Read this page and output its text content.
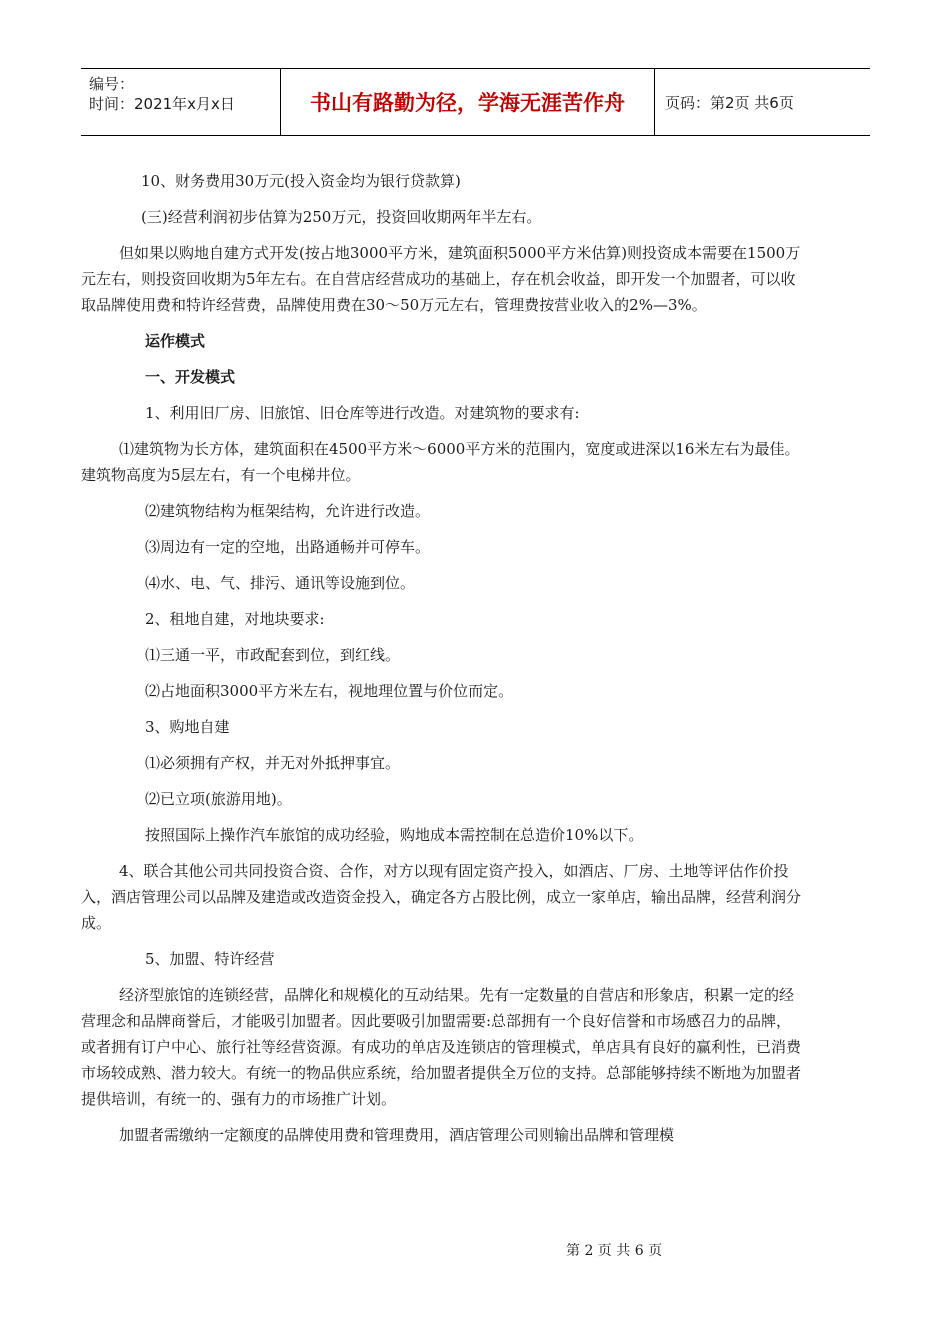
编号：
时间：2021年x月x日	书山有路勤为径，学海无涯苦作舟	页码：第2页 共6页

10、财务费用30万元(投入资金均为银行贷款算)

(三)经营利润初步估算为250万元，投资回收期两年半左右。

但如果以购地自建方式开发(按占地3000平方米，建筑面积5000平方米估算)则投资成本需要在1500万元左右，则投资回收期为5年左右。在自营店经营成功的基础上，存在机会收益，即开发一个加盟者，可以收取品牌使用费和特许经营费，品牌使用费在30～50万元左右，管理费按营业收入的2%—3%。

运作模式

一、开发模式

1、利用旧厂房、旧旅馆、旧仓库等进行改造。对建筑物的要求有:

⑴建筑物为长方体，建筑面积在4500平方米～6000平方米的范围内，宽度或进深以16米左右为最佳。建筑物高度为5层左右，有一个电梯井位。

⑵建筑物结构为框架结构，允许进行改造。

⑶周边有一定的空地，出路通畅并可停车。

⑷水、电、气、排污、通讯等设施到位。

2、租地自建，对地块要求:

⑴三通一平，市政配套到位，到红线。

⑵占地面积3000平方米左右，视地理位置与价位而定。

3、购地自建

⑴必须拥有产权，并无对外抵押事宜。

⑵已立项(旅游用地)。

按照国际上操作汽车旅馆的成功经验，购地成本需控制在总造价10%以下。

4、联合其他公司共同投资合资、合作，对方以现有固定资产投入，如酒店、厂房、土地等评估作价投入，酒店管理公司以品牌及建造或改造资金投入，确定各方占股比例，成立一家单店，输出品牌，经营利润分成。

5、加盟、特许经营

经济型旅馆的连锁经营，品牌化和规模化的互动结果。先有一定数量的自营店和形象店，积累一定的经营理念和品牌商誉后，才能吸引加盟者。因此要吸引加盟需要:总部拥有一个良好信誉和市场感召力的品牌，或者拥有订户中心、旅行社等经营资源。有成功的单店及连锁店的管理模式，单店具有良好的赢利性，已消费市场较成熟、潜力较大。有统一的物品供应系统，给加盟者提供全万位的支持。总部能够持续不断地为加盟者提供培训，有统一的、强有力的市场推广计划。

加盟者需缴纳一定额度的品牌使用费和管理费用，酒店管理公司则输出品牌和管理模

第 2 页 共 6 页
